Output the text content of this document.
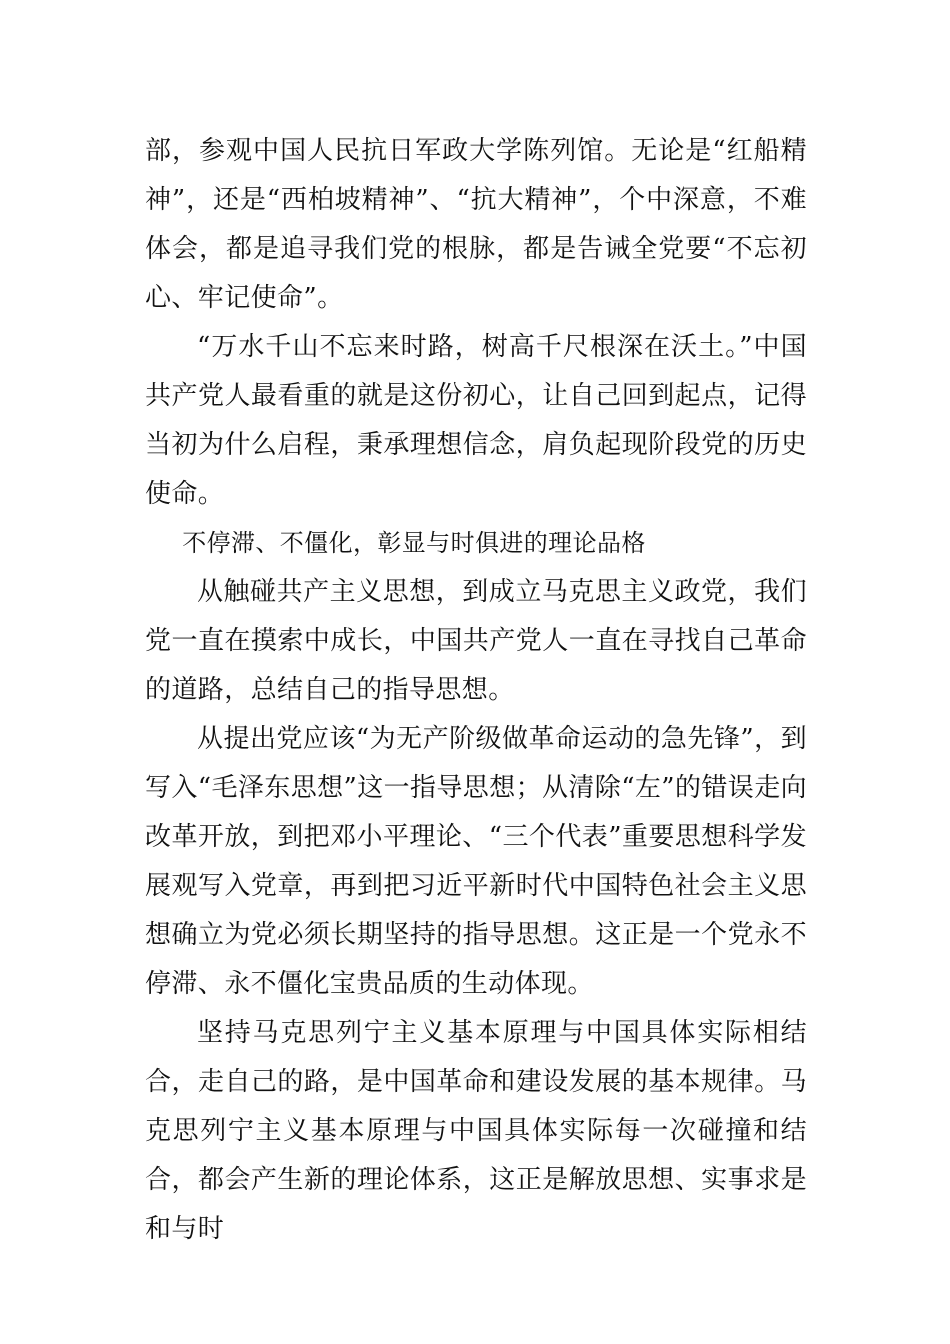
部，参观中国人民抗日军政大学陈列馆。无论是“红船精神”，还是“西柏坡精神”、“抗大精神”，个中深意，不难体会，都是追寻我们党的根脉，都是告诫全党要“不忘初心、牢记使命”。

“万水千山不忘来时路，树高千尺根深在沃土。”中国共产党人最看重的就是这份初心，让自己回到起点，记得当初为什么启程，秉承理想信念，肩负起现阶段党的历史使命。

不停滞、不僵化，彰显与时俱进的理论品格

从触碰共产主义思想，到成立马克思主义政党，我们党一直在摸索中成长，中国共产党人一直在寻找自己革命的道路，总结自己的指导思想。

从提出党应该“为无产阶级做革命运动的急先锋”，到写入“毛泽东思想”这一指导思想；从清除“左”的错误走向改革开放，到把邓小平理论、“三个代表”重要思想科学发展观写入党章，再到把习近平新时代中国特色社会主义思想确立为党必须长期坚持的指导思想。这正是一个党永不停滞、永不僵化宝贵品质的生动体现。

坚持马克思列宁主义基本原理与中国具体实际相结合，走自己的路，是中国革命和建设发展的基本规律。马克思列宁主义基本原理与中国具体实际每一次碰撞和结合，都会产生新的理论体系，这正是解放思想、实事求是和与时
